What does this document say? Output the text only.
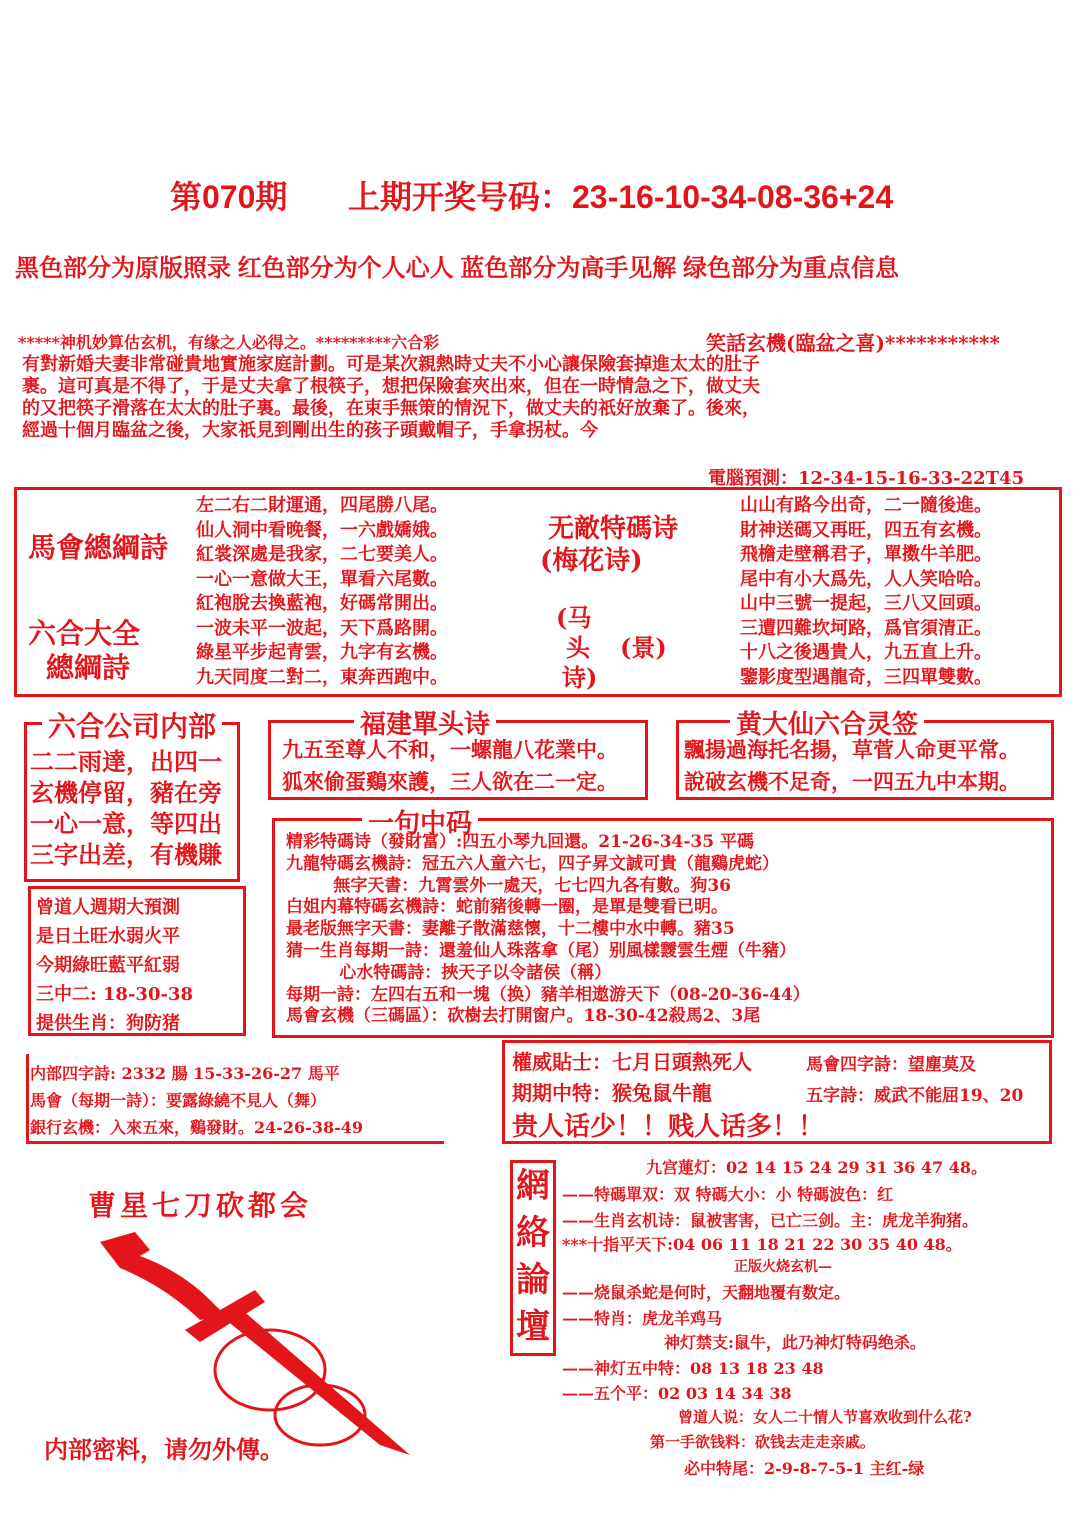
第070期 上期开奖号码：23-16-10-34-08-36+24
黑色部分为原版照录 红色部分为个人心人 蓝色部分为高手见解 绿色部分为重点信息
*****神机妙算估玄机，有缘之人必得之。*********六合彩	笑話玄機(臨盆之喜)***********
有對新婚夫妻非常碰貴地實施家庭計劃。可是某次親熱時丈夫不小心讓保險套掉進太太的肚子
裹。這可真是不得了，于是丈夫拿了根筷子，想把保險套夾出來，但在一時情急之下，做丈夫
的又把筷子滑落在太太的肚子裏。最後，在束手無策的情況下，做丈夫的祇好放棄了。後來，
經過十個月臨盆之後，大家祇見到剛出生的孩子頭戴帽子，手拿拐杖。今
電腦預測：12-34-15-16-33-22T45
馬會總綱詩
六合大全
總綱詩
左二右二財運通，四尾勝八尾。
仙人洞中看晚餐，一六戲嬌娥。
紅裳深處是我家，二七要美人。
一心一意做大王，單看六尾數。
紅袍脫去換藍袍，好碼常開出。
一波未平一波起，天下爲路開。
綠星平步起青雲，九字有玄機。
九天同度二對二，東奔西跑中。
无敵特碼诗
(梅花诗)
(马
头
诗)
(景)
山山有路今出奇，二一隨後進。
財神送碼又再旺，四五有玄機。
飛檐走壁稱君子，單擞牛羊肥。
尾中有小大爲先，人人笑哈哈。
山中三號一提起，三八又回頭。
三遭四難坎坷路，爲官須清正。
十八之後遇貴人，九五直上升。
鑒影度型遇龍奇，三四單雙數。
六合公司内部
二二雨達，出四一
玄機停留，豬在旁
一心一意，等四出
三字出差，有機賺
福建單头诗
九五至尊人不和，一螺龍八花業中。
狐來偷蛋鷄來護，三人欲在二一定。
黄大仙六合灵签
飄揚過海托名揚，草菅人命更平常。
說破玄機不足奇，一四五九中本期。
一句中码
精彩特碼诗（發財富）:四五小琴九回還。21-26-34-35 平碼
九龍特碼玄機詩：冠五六人童六七，四子昇文誠可貴（龍鷄虎蛇）
無字天書：九霄雲外一處天，七七四九各有數。狗36
白姐内幕特碼玄機詩：蛇前豬後轉一圈，是單是雙看已明。
最老版無字天書：妻離子散滿慈懷，十二樓中水中轉。豬35
猜一生肖每期一詩：還羞仙人珠落拿（尾）别風樣靉雲生煙（牛豬）
心水特碼詩：挾天子以令諸侯（稱）
每期一詩：左四右五和一塊（换）豬羊相遨游天下（08-20-36-44）
馬會玄機（三碼區）：砍樹去打開窗户。18-30-42殺馬2、3尾
曾道人週期大預測
是日土旺水弱火平
今期綠旺藍平紅弱
三中二: 18-30-38
提供生肖：狗防猪
内部四字詩: 2332 腸 15-33-26-27 馬平
馬會（每期一詩）：要露綠繞不見人（舞）
銀行玄機：入來五來，鷄發財。24-26-38-49
權威貼士：七月日頭熱死人	馬會四字詩：望塵莫及
期期中特：猴兔鼠牛龍	五字詩：威武不能屈19、20
贵人话少！！贱人话多！！
曹星七刀砍都会
内部密料，请勿外傳。
網
絡
論
壇
九宫蓮灯：02 14 15 24 29 31 36 47 48。
——特碼單双：双 特碼大小：小 特碼波色：红
——生肖玄机诗：鼠被害害，已亡三剑。主：虎龙羊狗猪。
***十指平天下:04 06 11 18 21 22 30 35 40 48。
正版火烧玄机—
——烧鼠杀蛇是何时，天翻地覆有数定。
——特肖：虎龙羊鸡马
神灯禁支:鼠牛，此乃神灯特码绝杀。
——神灯五中特：08 13 18 23 48
——五个平：02 03 14 34 38
曾道人说：女人二十情人节喜欢收到什么花?
第一手欲钱料：砍钱去走走亲戚。
必中特尾：2-9-8-7-5-1 主红-绿
